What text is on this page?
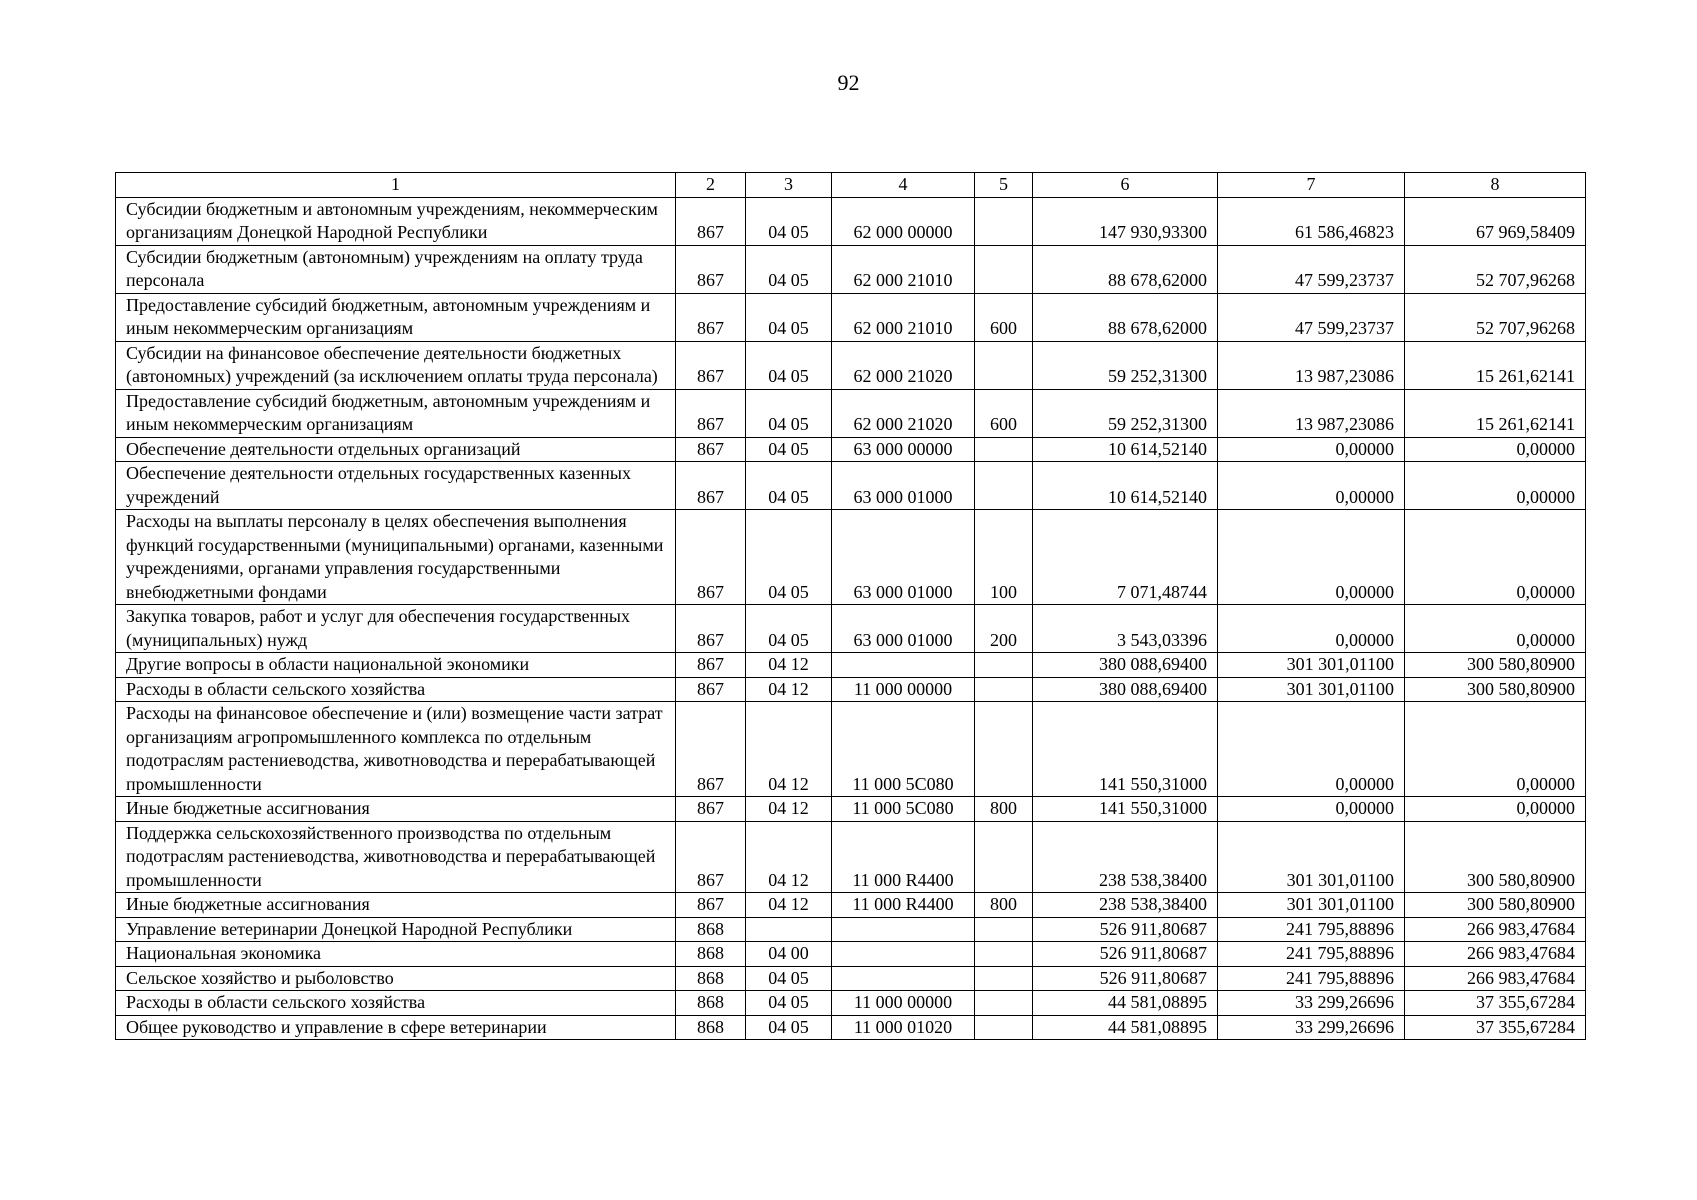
92
1	2	3	4	5	6	7	8
Субсидии бюджетным и автономным учреждениям, некоммерческим организациям Донецкой Народной Республики	867	04 05	62 000 00000		147 930,93300	61 586,46823	67 969,58409
Субсидии бюджетным (автономным) учреждениям на оплату труда персонала	867	04 05	62 000 21010		88 678,62000	47 599,23737	52 707,96268
Предоставление субсидий бюджетным, автономным учреждениям и иным некоммерческим организациям	867	04 05	62 000 21010	600	88 678,62000	47 599,23737	52 707,96268
Субсидии на финансовое обеспечение деятельности бюджетных (автономных) учреждений (за исключением оплаты труда персонала)	867	04 05	62 000 21020		59 252,31300	13 987,23086	15 261,62141
Предоставление субсидий бюджетным, автономным учреждениям и иным некоммерческим организациям	867	04 05	62 000 21020	600	59 252,31300	13 987,23086	15 261,62141
Обеспечение деятельности отдельных организаций	867	04 05	63 000 00000		10 614,52140	0,00000	0,00000
Обеспечение деятельности отдельных государственных казенных учреждений	867	04 05	63 000 01000		10 614,52140	0,00000	0,00000
Расходы на выплаты персоналу в целях обеспечения выполнения функций государственными (муниципальными) органами, казенными учреждениями, органами управления государственными внебюджетными фондами	867	04 05	63 000 01000	100	7 071,48744	0,00000	0,00000
Закупка товаров, работ и услуг для обеспечения государственных (муниципальных) нужд	867	04 05	63 000 01000	200	3 543,03396	0,00000	0,00000
Другие вопросы в области национальной экономики	867	04 12			380 088,69400	301 301,01100	300 580,80900
Расходы в области сельского хозяйства	867	04 12	11 000 00000		380 088,69400	301 301,01100	300 580,80900
Расходы на финансовое обеспечение и (или) возмещение части затрат организациям агропромышленного комплекса по отдельным подотраслям растениеводства, животноводства и перерабатывающей промышленности	867	04 12	11 000 5С080		141 550,31000	0,00000	0,00000
Иные бюджетные ассигнования	867	04 12	11 000 5С080	800	141 550,31000	0,00000	0,00000
Поддержка сельскохозяйственного производства по отдельным подотраслям растениеводства, животноводства и перерабатывающей промышленности	867	04 12	11 000 R4400		238 538,38400	301 301,01100	300 580,80900
Иные бюджетные ассигнования	867	04 12	11 000 R4400	800	238 538,38400	301 301,01100	300 580,80900
Управление ветеринарии Донецкой Народной Республики	868				526 911,80687	241 795,88896	266 983,47684
Национальная экономика	868	04 00			526 911,80687	241 795,88896	266 983,47684
Сельское хозяйство и рыболовство	868	04 05			526 911,80687	241 795,88896	266 983,47684
Расходы в области сельского хозяйства	868	04 05	11 000 00000		44 581,08895	33 299,26696	37 355,67284
Общее руководство и управление в сфере ветеринарии	868	04 05	11 000 01020		44 581,08895	33 299,26696	37 355,67284
